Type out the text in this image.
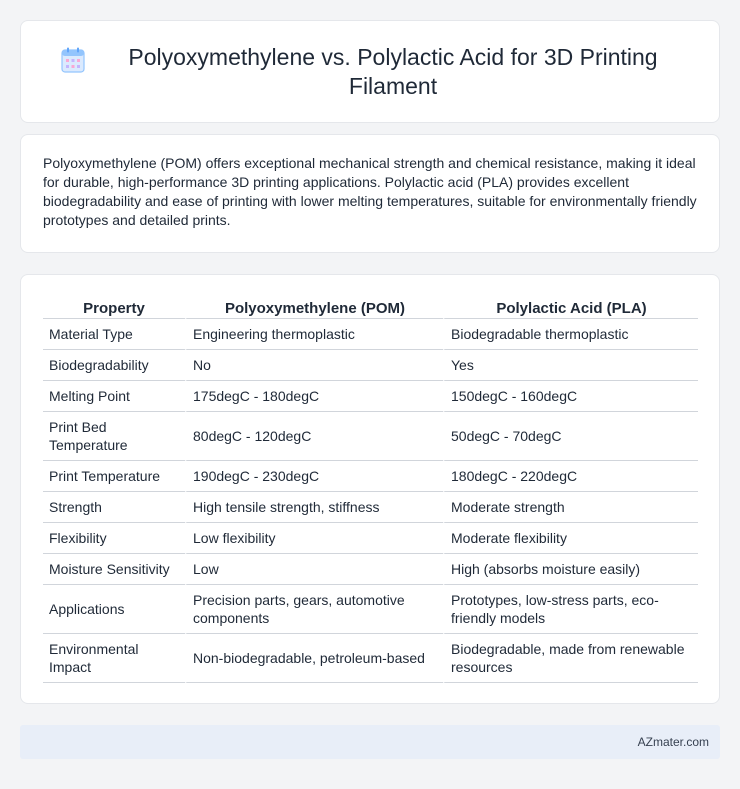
Polyoxymethylene vs. Polylactic Acid for 3D Printing Filament

Polyoxymethylene (POM) offers exceptional mechanical strength and chemical resistance, making it ideal for durable, high-performance 3D printing applications. Polylactic acid (PLA) provides excellent biodegradability and ease of printing with lower melting temperatures, suitable for environmentally friendly prototypes and detailed prints.

Property	Polyoxymethylene (POM)	Polylactic Acid (PLA)
Material Type	Engineering thermoplastic	Biodegradable thermoplastic
Biodegradability	No	Yes
Melting Point	175degC - 180degC	150degC - 160degC
Print Bed Temperature	80degC - 120degC	50degC - 70degC
Print Temperature	190degC - 230degC	180degC - 220degC
Strength	High tensile strength, stiffness	Moderate strength
Flexibility	Low flexibility	Moderate flexibility
Moisture Sensitivity	Low	High (absorbs moisture easily)
Applications	Precision parts, gears, automotive components	Prototypes, low-stress parts, eco-friendly models
Environmental Impact	Non-biodegradable, petroleum-based	Biodegradable, made from renewable resources
AZmater.com
